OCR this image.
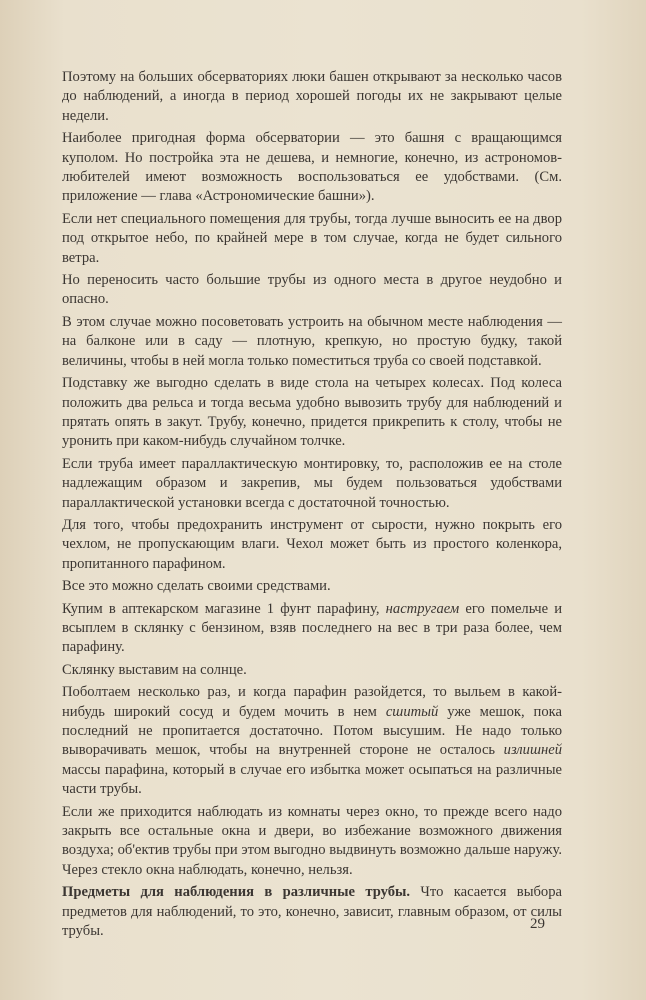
Поэтому на больших обсерваториях люки башен открывают за несколько часов до наблюдений, а иногда в период хорошей погоды их не закрывают целые недели.

Наиболее пригодная форма обсерватории — это башня с вращающимся куполом. Но постройка эта не дешева, и немногие, конечно, из астрономов-любителей имеют возможность воспользоваться ее удобствами. (См. приложение — глава «Астрономические башни»).

Если нет специального помещения для трубы, тогда лучше выносить ее на двор под открытое небо, по крайней мере в том случае, когда не будет сильного ветра.

Но переносить часто большие трубы из одного места в другое неудобно и опасно.

В этом случае можно посоветовать устроить на обычном месте наблюдения — на балконе или в саду — плотную, крепкую, но простую будку, такой величины, чтобы в ней могла только поместиться труба со своей подставкой.

Подставку же выгодно сделать в виде стола на четырех колесах. Под колеса положить два рельса и тогда весьма удобно вывозить трубу для наблюдений и прятать опять в закут. Трубу, конечно, придется прикрепить к столу, чтобы не уронить при каком-нибудь случайном толчке.

Если труба имеет параллактическую монтировку, то, расположив ее на столе надлежащим образом и закрепив, мы будем пользоваться удобствами параллактической установки всегда с достаточной точностью.

Для того, чтобы предохранить инструмент от сырости, нужно покрыть его чехлом, не пропускающим влаги. Чехол может быть из простого коленкора, пропитанного парафином.

Все это можно сделать своими средствами.

Купим в аптекарском магазине 1 фунт парафину, настругаем его помельче и всыплем в склянку с бензином, взяв последнего на вес в три раза более, чем парафину.

Склянку выставим на солнце.

Поболтаем несколько раз, и когда парафин разойдется, то выльем в какой-нибудь широкий сосуд и будем мочить в нем сшитый уже мешок, пока последний не пропитается достаточно. Потом высушим. Не надо только выворачивать мешок, чтобы на внутренней стороне не осталось излишней массы парафина, который в случае его избытка может осыпаться на различные части трубы.

Если же приходится наблюдать из комнаты через окно, то прежде всего надо закрыть все остальные окна и двери, во избежание возможного движения воздуха; об'ектив трубы при этом выгодно выдвинуть возможно дальше наружу. Через стекло окна наблюдать, конечно, нельзя.

Предметы для наблюдения в различные трубы. Что касается выбора предметов для наблюдений, то это, конечно, зависит, главным образом, от силы трубы.	29
